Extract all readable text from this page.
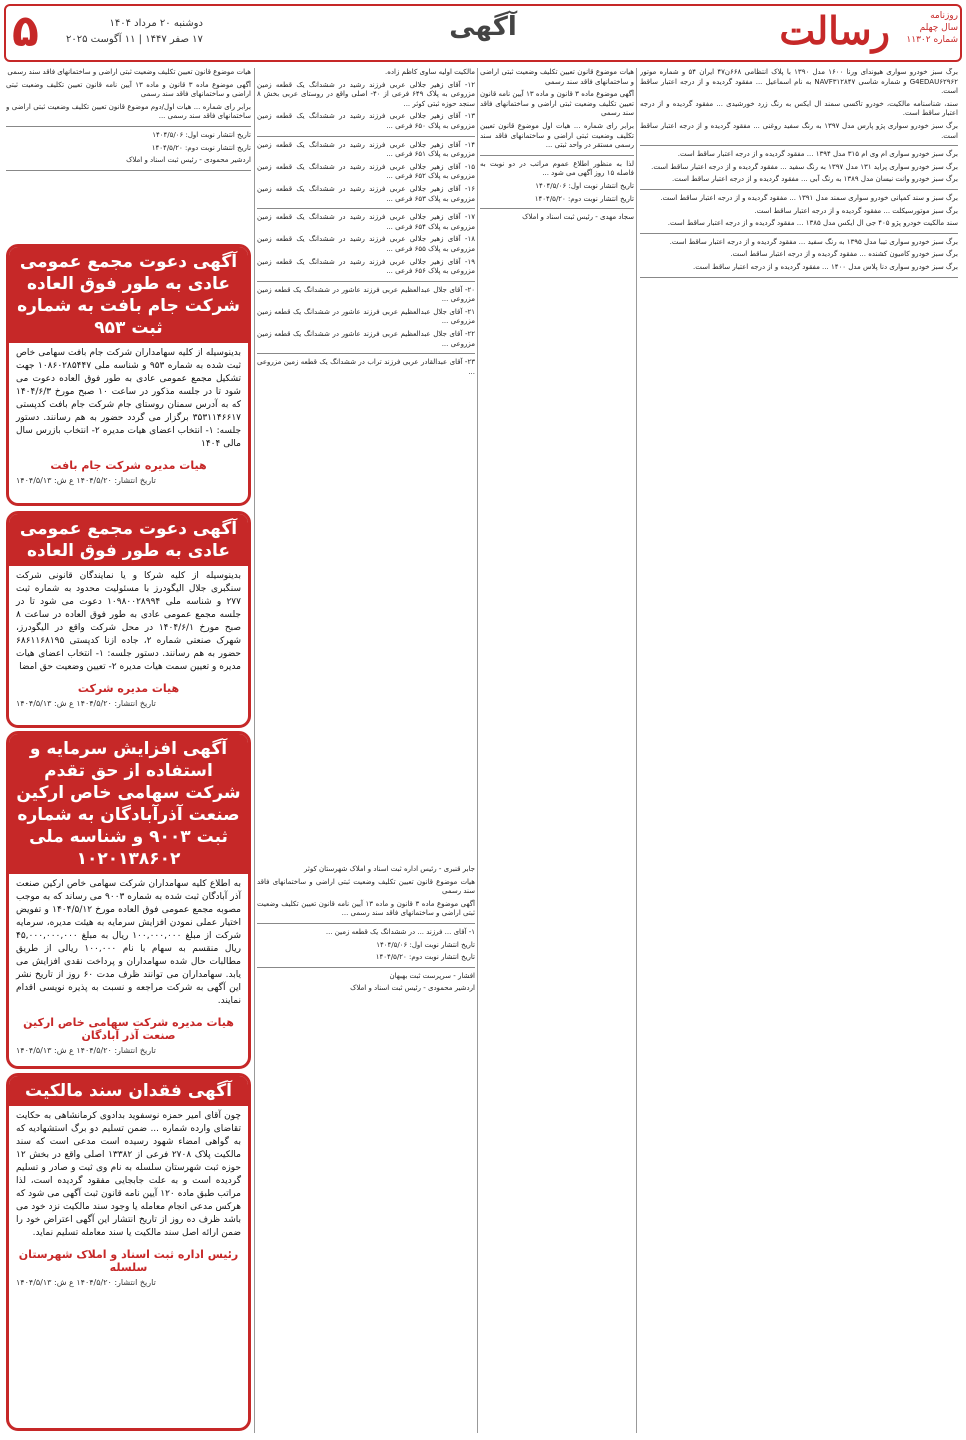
روزنامه
سال چهلم
شماره ۱۱۳۰۲
رسالت
آگهی
۵	دوشنبه ۲۰ مرداد ۱۴۰۴
۱۷ صفر ۱۴۴۷ | ۱۱ آگوست ۲۰۲۵

برگ سبز خودرو سواری هیوندای ورنا ۱۶۰۰ مدل ۱۳۹۰ با پلاک انتظامی ۶۶۸ن۴۷ ایران ۵۴ و شماره موتور G4EDAU۶۲۹۶۲ و شماره شاسی NAVF۳۱۲۸۴۷ به نام اسماعیل ... مفقود گردیده و از درجه اعتبار ساقط است.

سند، شناسنامه مالکیت، خودرو تاکسی سمند ال ایکس به رنگ زرد خورشیدی ... مفقود گردیده و از درجه اعتبار ساقط است.

برگ سبز خودرو سواری پژو پارس مدل ۱۳۹۷ به رنگ سفید روغنی ... مفقود گردیده و از درجه اعتبار ساقط است.

برگ سبز خودرو سواری ام وی ام ۳۱۵ مدل ۱۳۹۴ ... مفقود گردیده و از درجه اعتبار ساقط است.

برگ سبز خودرو سواری پراید ۱۳۱ مدل ۱۳۹۷ به رنگ سفید ... مفقود گردیده و از درجه اعتبار ساقط است.

برگ سبز خودرو وانت نیسان مدل ۱۳۸۹ به رنگ آبی ... مفقود گردیده و از درجه اعتبار ساقط است.

برگ سبز و سند کمپانی خودرو سواری سمند مدل ۱۳۹۱ ... مفقود گردیده و از درجه اعتبار ساقط است.

برگ سبز موتورسیکلت ... مفقود گردیده و از درجه اعتبار ساقط است.

سند مالکیت خودرو پژو ۴۰۵ جی ال ایکس مدل ۱۳۸۵ ... مفقود گردیده و از درجه اعتبار ساقط است.

برگ سبز خودرو سواری تیبا مدل ۱۳۹۵ به رنگ سفید ... مفقود گردیده و از درجه اعتبار ساقط است.

برگ سبز خودرو کامیون کشنده ... مفقود گردیده و از درجه اعتبار ساقط است.

برگ سبز خودرو سواری دنا پلاس مدل ۱۴۰۰ ... مفقود گردیده و از درجه اعتبار ساقط است.

هیات موضوع قانون تعیین تکلیف وضعیت ثبتی اراضی و ساختمانهای فاقد سند رسمی

آگهی موضوع ماده ۳ قانون و ماده ۱۳ آیین نامه قانون تعیین تکلیف وضعیت ثبتی اراضی و ساختمانهای فاقد سند رسمی

برابر رای شماره ... هیات اول موضوع قانون تعیین تکلیف وضعیت ثبتی اراضی و ساختمانهای فاقد سند رسمی مستقر در واحد ثبتی ...

لذا به منظور اطلاع عموم مراتب در دو نوبت به فاصله ۱۵ روز آگهی می شود ...

تاریخ انتشار نوبت اول: ۱۴۰۴/۵/۰۶

تاریخ انتشار نوبت دوم: ۱۴۰۴/۵/۲۰

سجاد مهدی - رئیس ثبت اسناد و املاک

مالکیت اولیه ساوی کاظم زاده.

۱۲- آقای زهیر جلالی عربی فرزند رشید در ششدانگ یک قطعه زمین مزروعی به پلاک ۶۴۹ فرعی از ۴۰- اصلی واقع در روستای عربی بخش ۸ سنجد حوزه ثبتی کوثر ...

۱۳- آقای زهیر جلالی عربی فرزند رشید در ششدانگ یک قطعه زمین مزروعی به پلاک ۶۵۰ فرعی ...

۱۴- آقای زهیر جلالی عربی فرزند رشید در ششدانگ یک قطعه زمین مزروعی به پلاک ۶۵۱ فرعی ...

۱۵- آقای زهیر جلالی عربی فرزند رشید در ششدانگ یک قطعه زمین مزروعی به پلاک ۶۵۲ فرعی ...

۱۶- آقای زهیر جلالی عربی فرزند رشید در ششدانگ یک قطعه زمین مزروعی به پلاک ۶۵۳ فرعی ...

۱۷- آقای زهیر جلالی عربی فرزند رشید در ششدانگ یک قطعه زمین مزروعی به پلاک ۶۵۴ فرعی ...

۱۸- آقای زهیر جلالی عربی فرزند رشید در ششدانگ یک قطعه زمین مزروعی به پلاک ۶۵۵ فرعی ...

۱۹- آقای زهیر جلالی عربی فرزند رشید در ششدانگ یک قطعه زمین مزروعی به پلاک ۶۵۶ فرعی ...

۲۰- آقای جلال عبدالعظیم عربی فرزند عاشور در ششدانگ یک قطعه زمین مزروعی ...

۲۱- آقای جلال عبدالعظیم عربی فرزند عاشور در ششدانگ یک قطعه زمین مزروعی ...

۲۲- آقای جلال عبدالعظیم عربی فرزند عاشور در ششدانگ یک قطعه زمین مزروعی ...

۲۳- آقای عبدالقادر عربی فرزند تراب در ششدانگ یک قطعه زمین مزروعی ...

جابر قنبری - رئیس اداره ثبت اسناد و املاک شهرستان کوثر

هیات موضوع قانون تعیین تکلیف وضعیت ثبتی اراضی و ساختمانهای فاقد سند رسمی

آگهی موضوع ماده ۳ قانون و ماده ۱۳ آیین نامه قانون تعیین تکلیف وضعیت ثبتی اراضی و ساختمانهای فاقد سند رسمی ...

۱- آقای ... فرزند ... در ششدانگ یک قطعه زمین ...

تاریخ انتشار نوبت اول: ۱۴۰۴/۵/۰۶

تاریخ انتشار نوبت دوم: ۱۴۰۴/۵/۲۰

افشار - سرپرست ثبت بهبهان

اردشیر محمودی - رئیس ثبت اسناد و املاک

هیات موضوع قانون تعیین تکلیف وضعیت ثبتی اراضی و ساختمانهای فاقد سند رسمی

آگهی موضوع ماده ۳ قانون و ماده ۱۳ آیین نامه قانون تعیین تکلیف وضعیت ثبتی اراضی و ساختمانهای فاقد سند رسمی

برابر رای شماره ... هیات اول/دوم موضوع قانون تعیین تکلیف وضعیت ثبتی اراضی و ساختمانهای فاقد سند رسمی ...

تاریخ انتشار نوبت اول: ۱۴۰۴/۵/۰۶

تاریخ انتشار نوبت دوم: ۱۴۰۴/۵/۲۰

اردشیر محمودی - رئیس ثبت اسناد و املاک

آگهی دعوت مجمع عمومی عادی به طور فوق العاده شرکت جام بافت به شماره ثبت ۹۵۳
بدینوسیله از کلیه سهامداران شرکت جام بافت سهامی خاص ثبت شده به شماره ۹۵۳ و شناسه ملی ۱۰۸۶۰۲۸۵۴۴۷ جهت تشکیل مجمع عمومی عادی به طور فوق العاده دعوت می شود تا در جلسه مذکور در ساعت ۱۰ صبح مورخ ۱۴۰۴/۶/۳ که به آدرس سمنان روستای جام شرکت جام بافت کدپستی ۳۵۳۱۱۴۶۶۱۷ برگزار می گردد حضور به هم رسانند. دستور جلسه: ۱- انتخاب اعضای هیات مدیره ۲- انتخاب بازرس سال مالی ۱۴۰۴
هیات مدیره شرکت جام بافت
تاریخ انتشار: ۱۴۰۴/۵/۲۰ ع ش: ۱۴۰۴/۵/۱۳
آگهی دعوت مجمع عمومی عادی به طور فوق العاده
بدینوسیله از کلیه شرکا و یا نمایندگان قانونی شرکت سنگبری جلال الیگودرز با مسئولیت محدود به شماره ثبت ۲۷۷ و شناسه ملی ۱۰۹۸۰۰۲۸۹۹۴ دعوت می شود تا در جلسه مجمع عمومی عادی به طور فوق العاده در ساعت ۸ صبح مورخ ۱۴۰۴/۶/۱ در محل شرکت واقع در الیگودرز، شهرک صنعتی شماره ۲، جاده ازنا کدپستی ۶۸۶۱۱۶۸۱۹۵ حضور به هم رسانند. دستور جلسه: ۱- انتخاب اعضای هیات مدیره و تعیین سمت هیات مدیره ۲- تعیین وضعیت حق امضا
هیات مدیره شرکت
تاریخ انتشار: ۱۴۰۴/۵/۲۰ ع ش: ۱۴۰۴/۵/۱۳
آگهی افزایش سرمایه و استفاده از حق تقدم شرکت سهامی خاص ارکین صنعت آذرآبادگان به شماره ثبت ۹۰۰۳ و شناسه ملی ۱۰۲۰۱۳۸۶۰۲
به اطلاع کلیه سهامداران شرکت سهامی خاص ارکین صنعت آذر آبادگان ثبت شده به شماره ۹۰۰۳ می رساند که به موجب مصوبه مجمع عمومی فوق العاده مورخ ۱۴۰۴/۵/۱۲ و تفویض اختیار عملی نمودن افزایش سرمایه به هیئت مدیره، سرمایه شرکت از مبلغ ۱۰۰,۰۰۰,۰۰۰ ریال به مبلغ ۴۵,۰۰۰,۰۰۰,۰۰۰ ریال منقسم به سهام با نام ۱۰۰,۰۰۰ ریالی از طریق مطالبات حال شده سهامداران و پرداخت نقدی افزایش می یابد. سهامداران می توانند ظرف مدت ۶۰ روز از تاریخ نشر این آگهی به شرکت مراجعه و نسبت به پذیره نویسی اقدام نمایند.
هیات مدیره شرکت سهامی خاص ارکین صنعت آذر آبادگان
تاریخ انتشار: ۱۴۰۴/۵/۲۰ ع ش: ۱۴۰۴/۵/۱۳
آگهی فقدان سند مالکیت
چون آقای امیر حمزه نوسفوید بدادوی کرمانشاهی به حکایت تقاضای وارده شماره ... ضمن تسلیم دو برگ استشهادیه که به گواهی امضاء شهود رسیده است مدعی است که سند مالکیت پلاک ۲۷۰۸ فرعی از ۱۳۳۸۲ اصلی واقع در بخش ۱۲ حوزه ثبت شهرستان سلسله به نام وی ثبت و صادر و تسلیم گردیده است و به علت جابجایی مفقود گردیده است، لذا مراتب طبق ماده ۱۲۰ آیین نامه قانون ثبت آگهی می شود که هرکس مدعی انجام معامله یا وجود سند مالکیت نزد خود می باشد ظرف ده روز از تاریخ انتشار این آگهی اعتراض خود را ضمن ارائه اصل سند مالکیت یا سند معامله تسلیم نماید.
رئیس اداره ثبت اسناد و املاک شهرستان سلسله
تاریخ انتشار: ۱۴۰۴/۵/۲۰ ع ش: ۱۴۰۴/۵/۱۳
